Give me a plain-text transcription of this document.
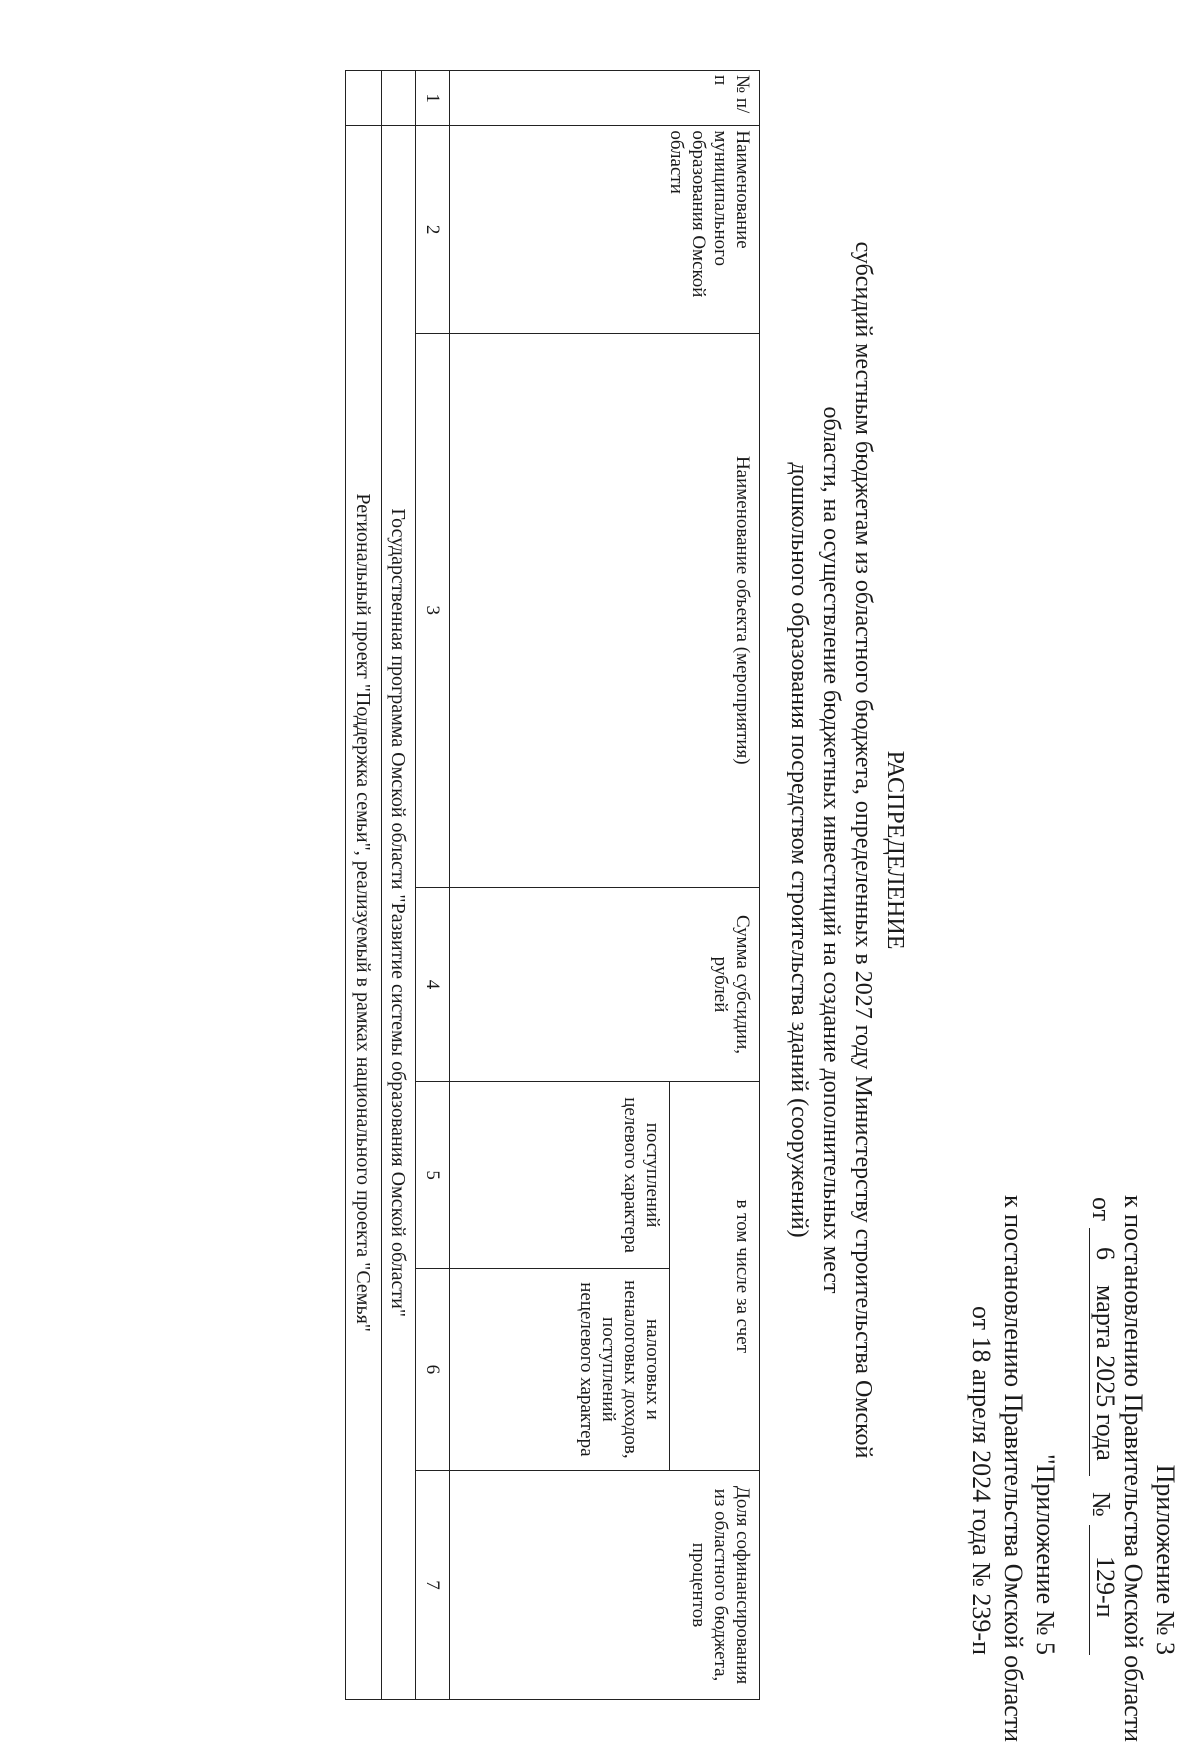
Приложение № 3
к постановлению Правительства Омской области
от
6
марта 2025 года
№
129-п
"Приложение № 5
к постановлению Правительства Омской области
от 18 апреля 2024 года № 239-п
РАСПРЕДЕЛЕНИЕ
субсидий местным бюджетам из областного бюджета, определенных в 2027 году Министерству строительства Омской
области, на осуществление бюджетных инвестиций на создание дополнительных мест
дошкольного образования посредством строительства зданий (сооружений)
№ п/п	Наименование муниципального образования Омской области	Наименование объекта (мероприятия)	Сумма субсидии, рублей	в том числе за счет		Доля софинансирования из областного бюджета, процентов
				поступлений целевого характера	налоговых и неналоговых доходов, поступлений нецелевого характера	
1	2	3	4	5	6	7
	Государственная программа Омской области "Развитие системы образования Омской области"					
	Региональный проект "Поддержка семьи", реализуемый в рамках национального проекта "Семья"					
